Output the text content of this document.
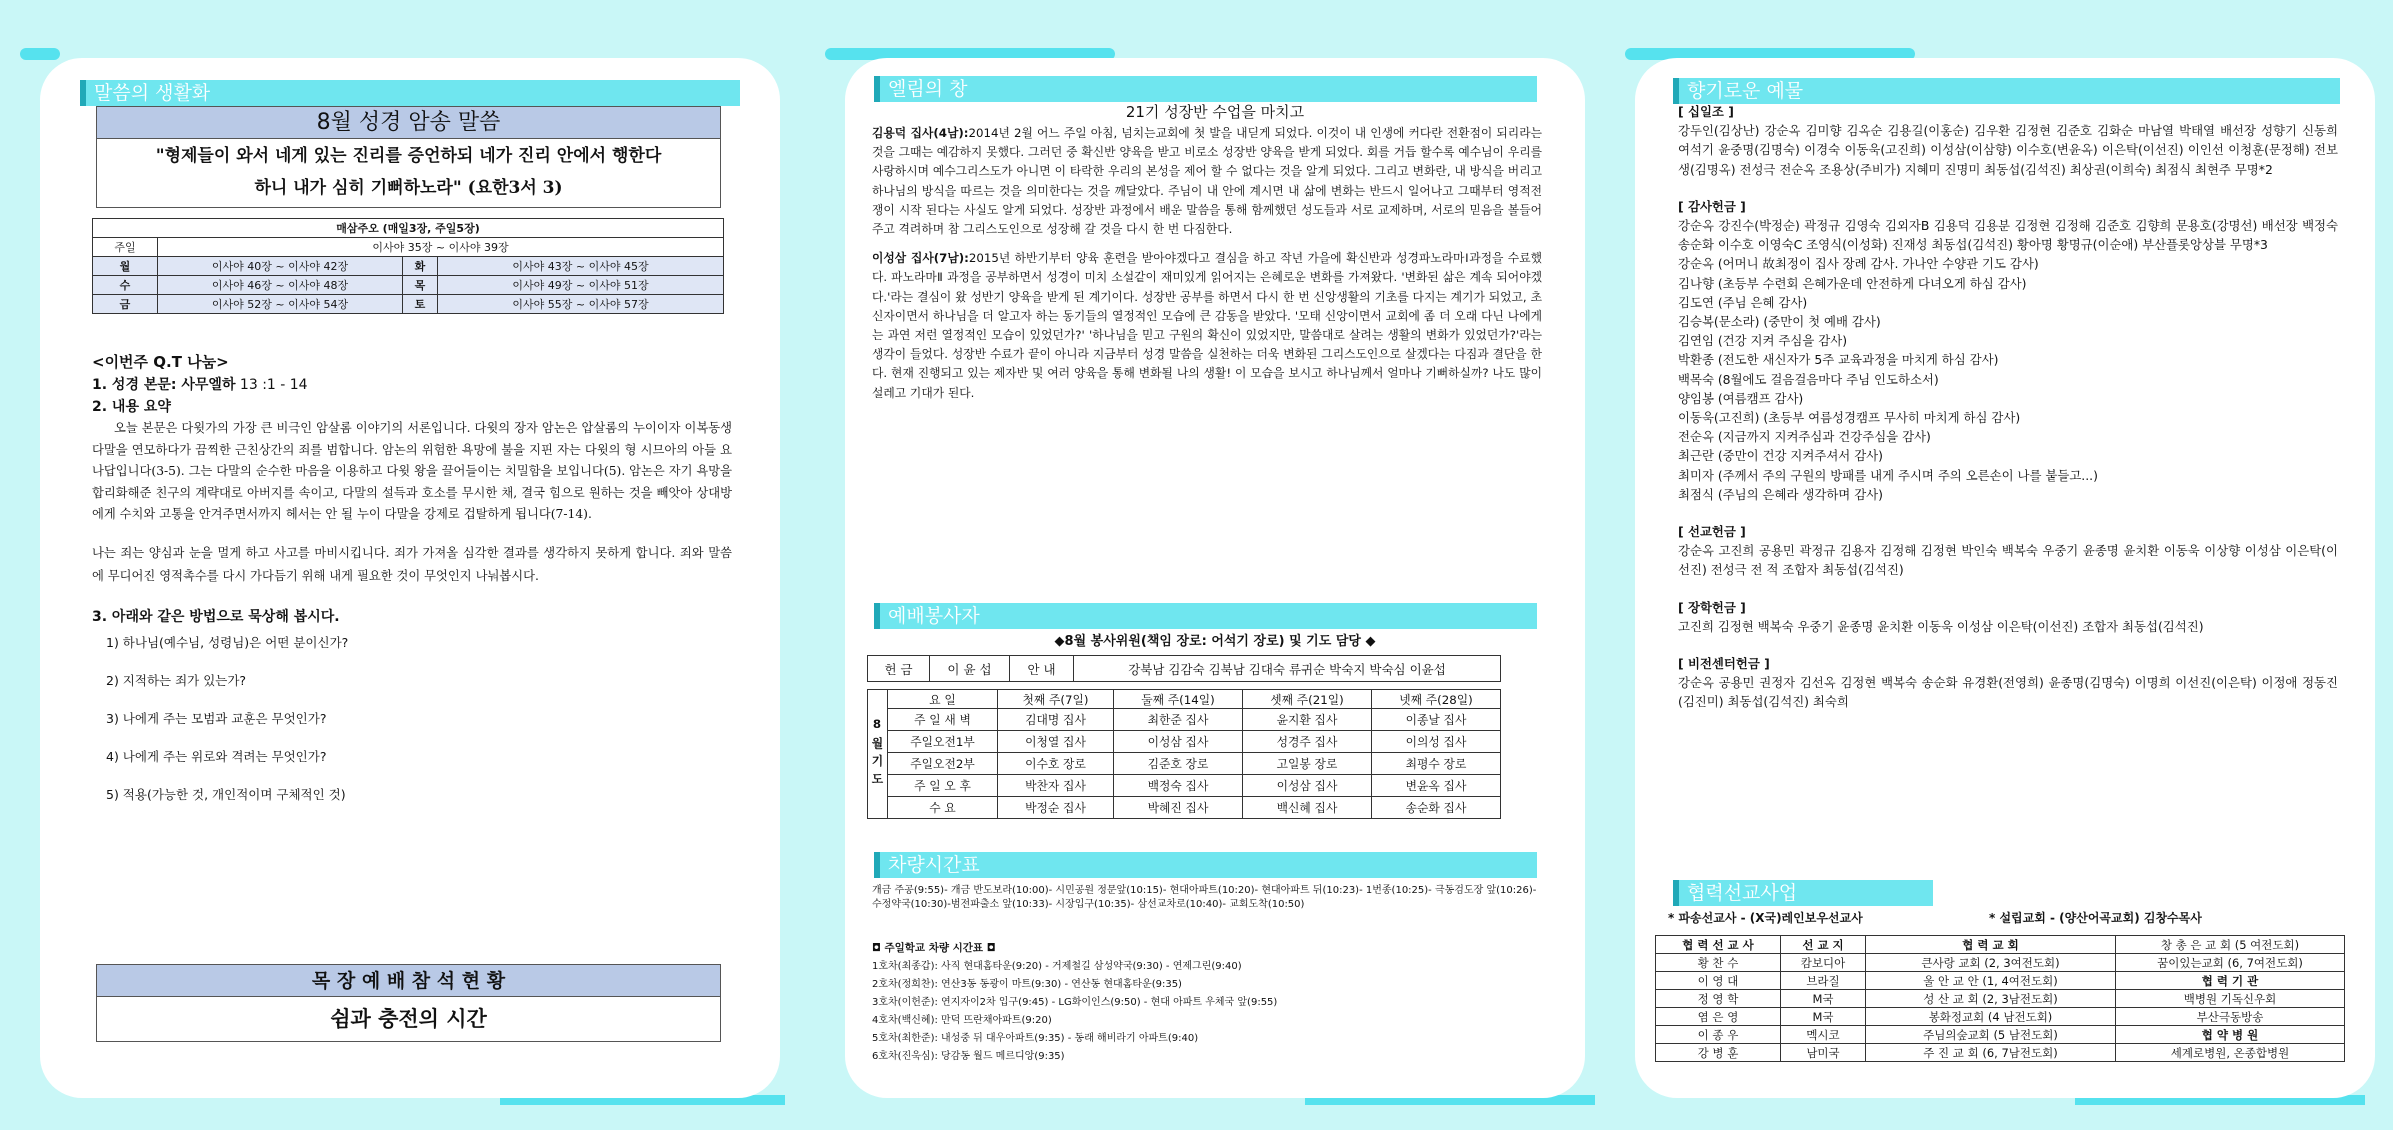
말씀의 생활화
8월 성경 암송 말씀
"형제들이 와서 네게 있는 진리를 증언하되 네가 진리 안에서 행한다
하니 내가 심히 기뻐하노라" (요한3서 3)
매삼주오 (매일3장, 주일5장)			
주일	이사야 35장 ~ 이사야 39장		
월	이사야 40장 ~ 이사야 42장	화	이사야 43장 ~ 이사야 45장
수	이사야 46장 ~ 이사야 48장	목	이사야 49장 ~ 이사야 51장
금	이사야 52장 ~ 이사야 54장	토	이사야 55장 ~ 이사야 57장
<이번주 Q.T 나눔>
1. 성경 본문: 사무엘하 13 :1 - 14
2. 내용 요약

오늘 본문은 다윗가의 가장 큰 비극인 암살롬 이야기의 서론입니다. 다윗의 장자 암논은 압살롬의 누이이자 이복동생 다말을 연모하다가 끔찍한 근친상간의 죄를 범합니다. 암논의 위험한 욕망에 불을 지핀 자는 다윗의 형 시므아의 아들 요나답입니다(3-5). 그는 다말의 순수한 마음을 이용하고 다윗 왕을 끌어들이는 치밀함을 보입니다(5). 암논은 자기 욕망을 합리화해준 친구의 계략대로 아버지를 속이고, 다말의 설득과 호소를 무시한 채, 결국 힘으로 원하는 것을 빼앗아 상대방에게 수치와 고통을 안겨주면서까지 헤서는 안 될 누이 다말을 강제로 겁탈하게 됩니다(7-14).

나는 죄는 양심과 눈을 멀게 하고 사고를 마비시킵니다. 죄가 가져올 심각한 결과를 생각하지 못하게 합니다. 죄와 말씀에 무디어진 영적촉수를 다시 가다듬기 위해 내게 필요한 것이 무엇인지 나눠봅시다.

3. 아래와 같은 방법으로 묵상해 봅시다.
1) 하나님(예수님, 성령님)은 어떤 분이신가?
2) 지적하는 죄가 있는가?
3) 나에게 주는 모범과 교훈은 무엇인가?
4) 나에게 주는 위로와 격려는 무엇인가?
5) 적용(가능한 것, 개인적이며 구체적인 것)
목 장 예 배 참 석 현 황
쉼과 충전의 시간
엘림의 창
21기 성장반 수업을 마치고

김용덕 집사(4남):2014년 2월 어느 주일 아침, 넘치는교회에 첫 발을 내딛게 되었다. 이것이 내 인생에 커다란 전환점이 되리라는 것을 그때는 예감하지 못했다. 그러던 중 확신반 양육을 받고 비로소 성장반 양육을 받게 되었다. 회를 거듭 할수록 예수님이 우리를 사랑하시며 예수그리스도가 아니면 이 타락한 우리의 본성을 제어 할 수 없다는 것을 알게 되었다. 그리고 변화란, 내 방식을 버리고 하나님의 방식을 따르는 것을 의미한다는 것을 깨달았다. 주님이 내 안에 계시면 내 삶에 변화는 반드시 일어나고 그때부터 영적전쟁이 시작 된다는 사실도 알게 되었다. 성장반 과정에서 배운 말씀을 통해 함께했던 성도들과 서로 교제하며, 서로의 믿음을 볼들어 주고 격려하며 참 그리스도인으로 성장해 갈 것을 다시 한 번 다짐한다.

이성삼 집사(7남):2015년 하반기부터 양육 훈련을 받아야겠다고 결심을 하고 작년 가을에 확신반과 성경파노라마Ⅰ과정을 수료했다. 파노라마Ⅱ 과정을 공부하면서 성경이 미치 소설같이 재미있게 읽어지는 은혜로운 변화를 가져왔다. '변화된 삶은 계속 되어야겠다.'라는 결심이 왔 성반기 양육을 받게 된 계기이다. 성장반 공부를 하면서 다시 한 번 신앙생활의 기초를 다지는 계기가 되었고, 초신자이면서 하나님을 더 알고자 하는 동기들의 열정적인 모습에 큰 감동을 받았다. '모태 신앙이면서 교회에 좀 더 오래 다닌 나에게는 과연 저런 열정적인 모습이 있었던가?' '하나님을 믿고 구원의 확신이 있었지만, 말씀대로 살려는 생활의 변화가 있었던가?'라는 생각이 들었다. 성장반 수료가 끝이 아니라 지금부터 성경 말씀을 실천하는 더욱 변화된 그리스도인으로 살겠다는 다짐과 결단을 한다. 현재 진행되고 있는 제자반 및 여러 양육을 통해 변화될 나의 생활! 이 모습을 보시고 하나님께서 얼마나 기뻐하실까? 나도 많이 설레고 기대가 된다.

예배봉사자
◆8월 봉사위원(책임 장로: 어석기 장로) 및 기도 담당 ◆
헌 금	이 윤 섭	안 내	강북남 김감숙 김북남 김대숙 류귀순 박숙지 박숙심 이윤섭
8월기도	요 일	첫째 주(7일)	둘째 주(14일)	셋째 주(21일)	넷째 주(28일)
	주 일 새 벽	김대명 집사	최한준 집사	윤지환 집사	이종날 집사
	주일오전1부	이청열 집사	이성삼 집사	성경주 집사	이의성 집사
	주일오전2부	이수호 장로	김준호 장로	고일봉 장로	최평수 장로
	주 일 오 후	박찬자 집사	백정숙 집사	이성삼 집사	변윤옥 집사
	수 요	박정순 집사	박혜진 집사	백신혜 집사	송순화 집사
차량시간표
개금 주공(9:55)- 개금 반도보라(10:00)- 시민공원 정문앞(10:15)- 현대아파트(10:20)- 현대아파트 뒤(10:23)- 1번종(10:25)- 극동검도장 앞(10:26)- 수정약국(10:30)-범전파출소 앞(10:33)- 시장입구(10:35)- 삼선교차로(10:40)- 교회도착(10:50)
◘ 주일학교 차량 시간표 ◘
1호차(최종갑): 사직 현대홈타운(9:20) - 거제철길 삼성약국(9:30) - 연제그린(9:40)
2호차(정희찬): 연산3동 동광이 마트(9:30) - 연산동 현대홈타운(9:35)
3호차(이헌준): 연지자이2차 입구(9:45) - LG화이인스(9:50) - 현대 아파트 우체국 앞(9:55)
4호차(백신혜): 만덕 뜨란채아파트(9:20)
5호차(최한준): 내성중 뒤 대우아파트(9:35) - 동래 해비라기 아파트(9:40)
6호차(진욱심): 당감동 월드 메르디앙(9:35)
향기로운 예물
[ 십일조 ]
강두인(김상난) 강순옥 김미향 김옥순 김용길(이홍순) 김우환 김정현 김준호 김화순 마남열 박태열 배선장 성향기 신동희 여석기 윤중명(김명숙) 이경숙 이동욱(고진희) 이성삼(이삼향) 이수호(변윤옥) 이은탁(이선진) 이인선 이청훈(문정해) 전보생(김명옥) 전성극 전순옥 조용상(주비가) 지혜미 진명미 최동섭(김석진) 최상권(이희숙) 최점식 최현주 무명*2
[ 감사헌금 ]
강순옥 강진수(박정순) 곽정규 김영숙 김외자B 김용덕 김용분 김정현 김정해 김준호 김향희 문용호(강명선) 배선장 백정숙 송순화 이수호 이영숙C 조영식(이성화) 진재성 최동섭(김석진) 황아명 황명규(이순애) 부산플롯앙상블 무명*3
강순옥 (어머니 故최정이 집사 장례 감사. 가나안 수양관 기도 감사)
김나향 (초등부 수련회 은혜가운데 안전하게 다녀오게 하심 감사)
김도연 (주님 은혜 감사)
김승복(문소라) (중만이 첫 예배 감사)
김연임 (건강 지켜 주심을 감사)
박환종 (전도한 새신자가 5주 교육과정을 마치게 하심 감사)
백목숙 (8월에도 걸음걸음마다 주님 인도하소서)
양임봉 (여름캠프 감사)
이동욱(고진희) (초등부 여름성경캠프 무사히 마치게 하심 감사)
전순옥 (지금까지 지켜주심과 건강주심을 감사)
최근란 (중만이 건강 지켜주셔서 감사)
최미자 (주께서 주의 구원의 방패를 내게 주시며 주의 오른손이 나를 붙들고...)
최점식 (주님의 은혜라 생각하며 감사)
[ 선교헌금 ]
강순옥 고진희 공용민 곽정규 김용자 김정해 김정현 박인숙 백복숙 우중기 윤종명 윤치환 이동욱 이상향 이성삼 이은탁(이선진) 전성극 전 적 조합자 최동섭(김석진)
[ 장학헌금 ]
고진희 김정현 백복숙 우중기 윤종명 윤치환 이동욱 이성삼 이은탁(이선진) 조합자 최동섭(김석진)
[ 비전센터헌금 ]
강순옥 공용민 권정자 김선옥 김정현 백복숙 송순화 유경환(전영희) 윤종명(김명숙) 이명희 이선진(이은탁) 이정애 정동진(김진미) 최동섭(김석진) 최숙희
협력선교사업
* 파송선교사 - (X국)레인보우선교사	* 설립교회 - (양산어곡교회) 김창수목사
협 력 선 교 사	선 교 지	협 력 교 회	창 총 은 교 회 (5 여전도회)
황 찬 수	캄보디아	큰사랑 교회 (2, 3여전도회)	꿈이있는교회 (6, 7여전도회)
이 영 대	브라질	울 안 교 안 (1, 4여전도회)	협 력 기 관
정 영 학	M국	성 산 교 회 (2, 3남전도회)	백병원 기독신우회
염 은 영	M국	봉화정교회 (4 남전도회)	부산극동방송
이 종 우	멕시코	주님의숲교회 (5 남전도회)	협 약 병 원
강 병 훈	남미국	주 진 교 회 (6, 7남전도회)	세계로병원, 온종합병원
